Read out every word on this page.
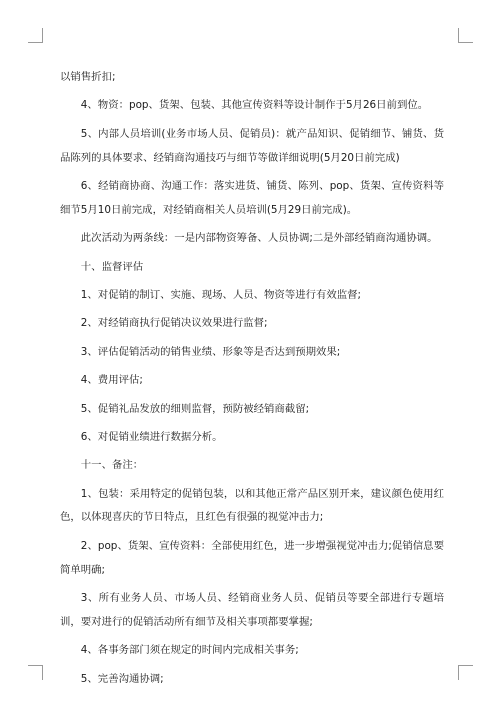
以销售折扣;

4、物资：pop、货架、包装、其他宣传资料等设计制作于5月26日前到位。

5、内部人员培训(业务市场人员、促销员)：就产品知识、促销细节、铺货、货品陈列的具体要求、经销商沟通技巧与细节等做详细说明(5月20日前完成)

6、经销商协商、沟通工作：落实进货、铺货、陈列、pop、货架、宣传资料等细节5月10日前完成，对经销商相关人员培训(5月29日前完成)。

此次活动为两条线：一是内部物资筹备、人员协调;二是外部经销商沟通协调。

十、监督评估

1、对促销的制订、实施、现场、人员、物资等进行有效监督;

2、对经销商执行促销决议效果进行监督;

3、评估促销活动的销售业绩、形象等是否达到预期效果;

4、费用评估;

5、促销礼品发放的细则监督，预防被经销商截留;

6、对促销业绩进行数据分析。

十一、备注：

1、包装：采用特定的促销包装，以和其他正常产品区别开来，建议颜色使用红色，以体现喜庆的节日特点，且红色有很强的视觉冲击力;

2、pop、货架、宣传资料：全部使用红色，进一步增强视觉冲击力;促销信息要简单明确;

3、所有业务人员、市场人员、经销商业务人员、促销员等要全部进行专题培训，要对进行的促销活动所有细节及相关事项都要掌握;

4、各事务部门须在规定的时间内完成相关事务;

5、完善沟通协调;
